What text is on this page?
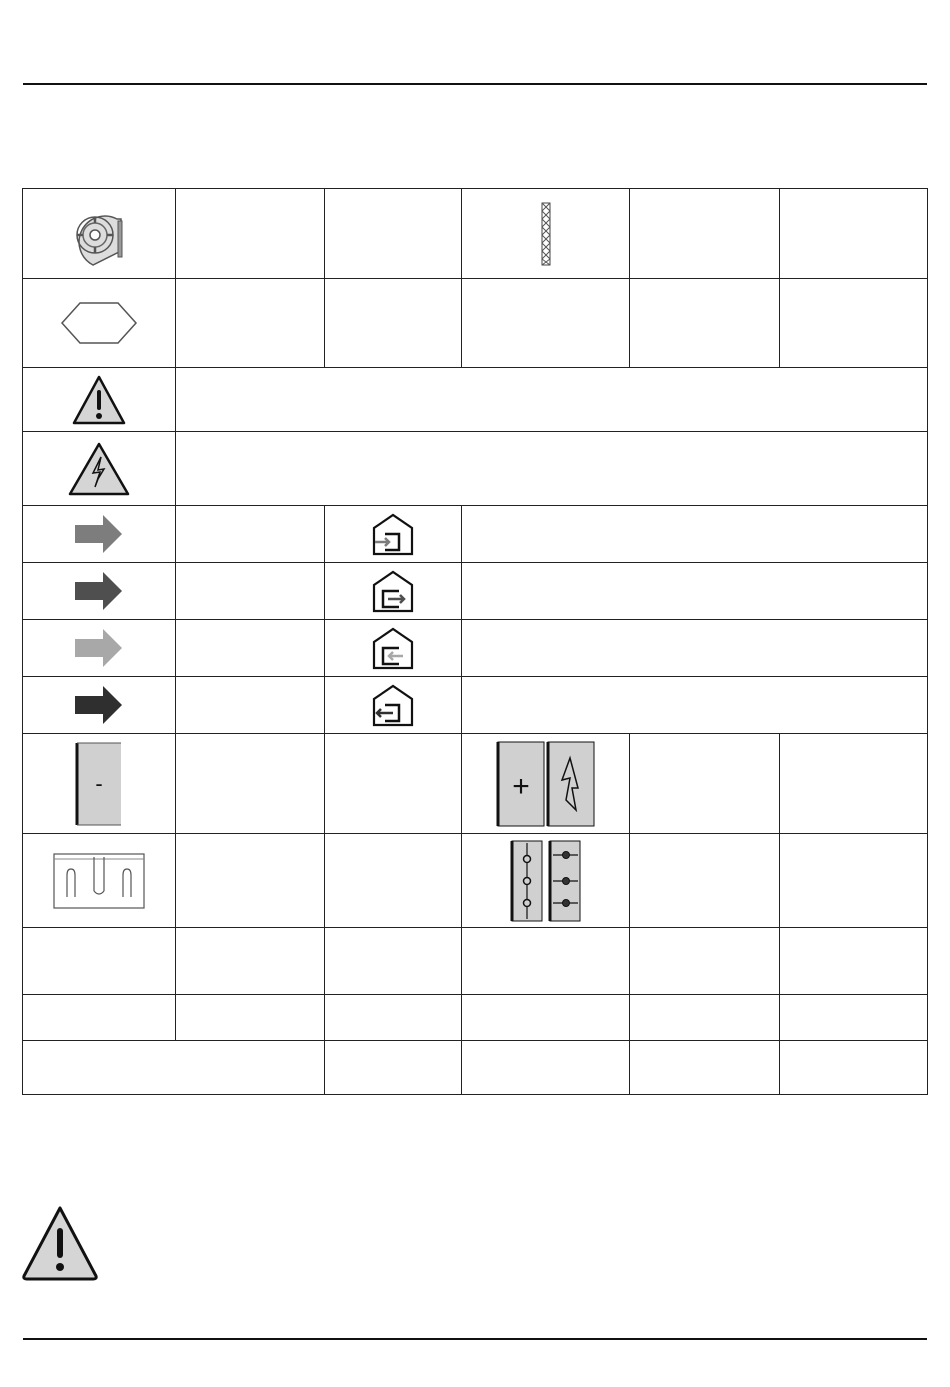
-			+		
